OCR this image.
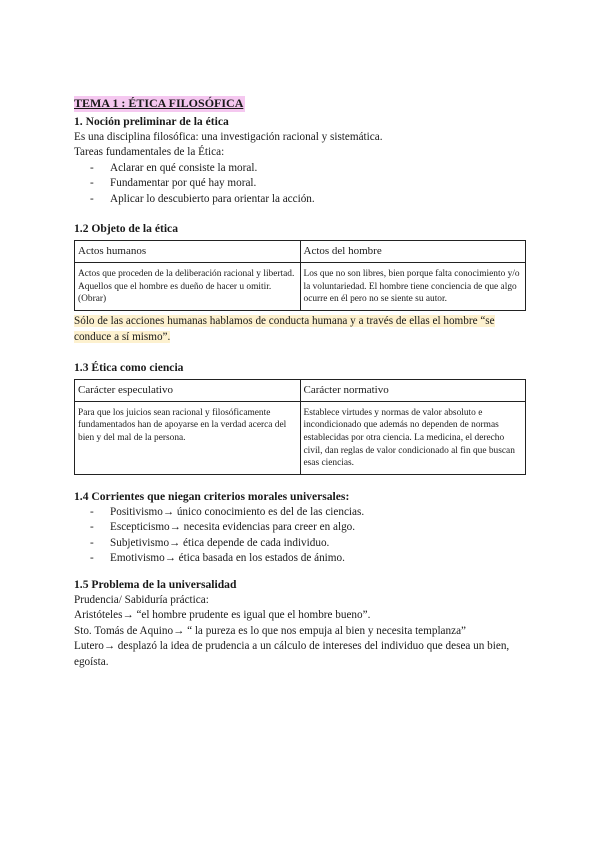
TEMA 1 : ÉTICA FILOSÓFICA
1. Noción preliminar de la ética

Es una disciplina filosófica: una investigación racional y sistemática.

Tareas fundamentales de la Ética:

- Aclarar en qué consiste la moral.
- Fundamentar por qué hay moral.
- Aplicar lo descubierto para orientar la acción.
1.2 Objeto de la ética
Actos humanos	Actos del hombre

Actos que proceden de la deliberación racional y libertad.
Aquellos que el hombre es dueño de hacer u omitir. (Obrar)	Los que no son libres, bien porque falta conocimiento y/o la voluntariedad. El hombre tiene conciencia de que algo ocurre en él pero no se siente su autor.

Sólo de las acciones humanas hablamos de conducta humana y a través de ellas el hombre “se conduce a sí mismo”.

1.3 Ética como ciencia
Carácter especulativo	Carácter normativo
Para que los juicios sean racional y filosóficamente fundamentados han de apoyarse en la verdad acerca del bien y del mal de la persona.	Establece virtudes y normas de valor absoluto e incondicionado que además no dependen de normas establecidas por otra ciencia. La medicina, el derecho civil, dan reglas de valor condicionado al fin que buscan esas ciencias.
1.4 Corrientes que niegan criterios morales universales:
- Positivismo→ único conocimiento es del de las ciencias.
- Escepticismo→ necesita evidencias para creer en algo.
- Subjetivismo→ ética depende de cada individuo.
- Emotivismo→ ética basada en los estados de ánimo.
1.5 Problema de la universalidad

Prudencia/ Sabiduría práctica:

Aristóteles→ “el hombre prudente es igual que el hombre bueno”.

Sto. Tomás de Aquino→ “ la pureza es lo que nos empuja al bien y necesita templanza”

Lutero→ desplazó la idea de prudencia a un cálculo de intereses del individuo que desea un bien, egoísta.
